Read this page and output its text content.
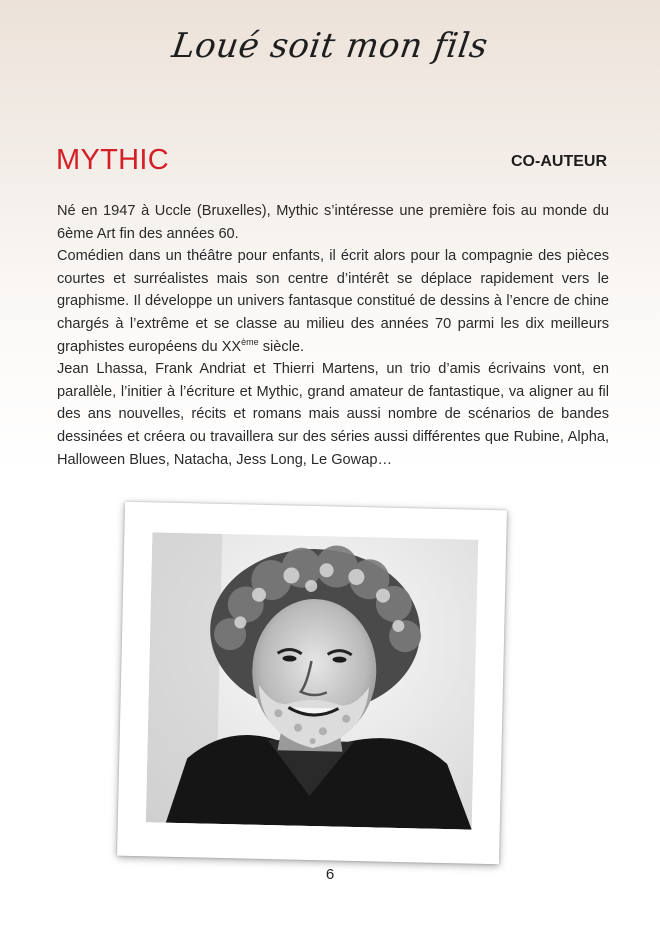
Loué soit mon fils
MYTHIC	CO-AUTEUR

Né en 1947 à Uccle (Bruxelles), Mythic s’intéresse une première fois au monde du 6ème Art fin des années 60.

Comédien dans un théâtre pour enfants, il écrit alors pour la compagnie des pièces courtes et surréalistes mais son centre d’intérêt se déplace rapidement vers le graphisme. Il développe un univers fantasque constitué de dessins à l’encre de chine chargés à l’extrême et se classe au milieu des années 70 parmi les dix meilleurs graphistes européens du XXème siècle.

Jean Lhassa, Frank Andriat et Thierri Martens, un trio d’amis écrivains vont, en parallèle, l’initier à l’écriture et Mythic, grand amateur de fantastique, va aligner au fil des ans nouvelles, récits et romans mais aussi nombre de scénarios de bandes dessinées et créera ou travaillera sur des séries aussi différentes que Rubine, Alpha, Halloween Blues, Natacha, Jess Long, Le Gowap…

6
